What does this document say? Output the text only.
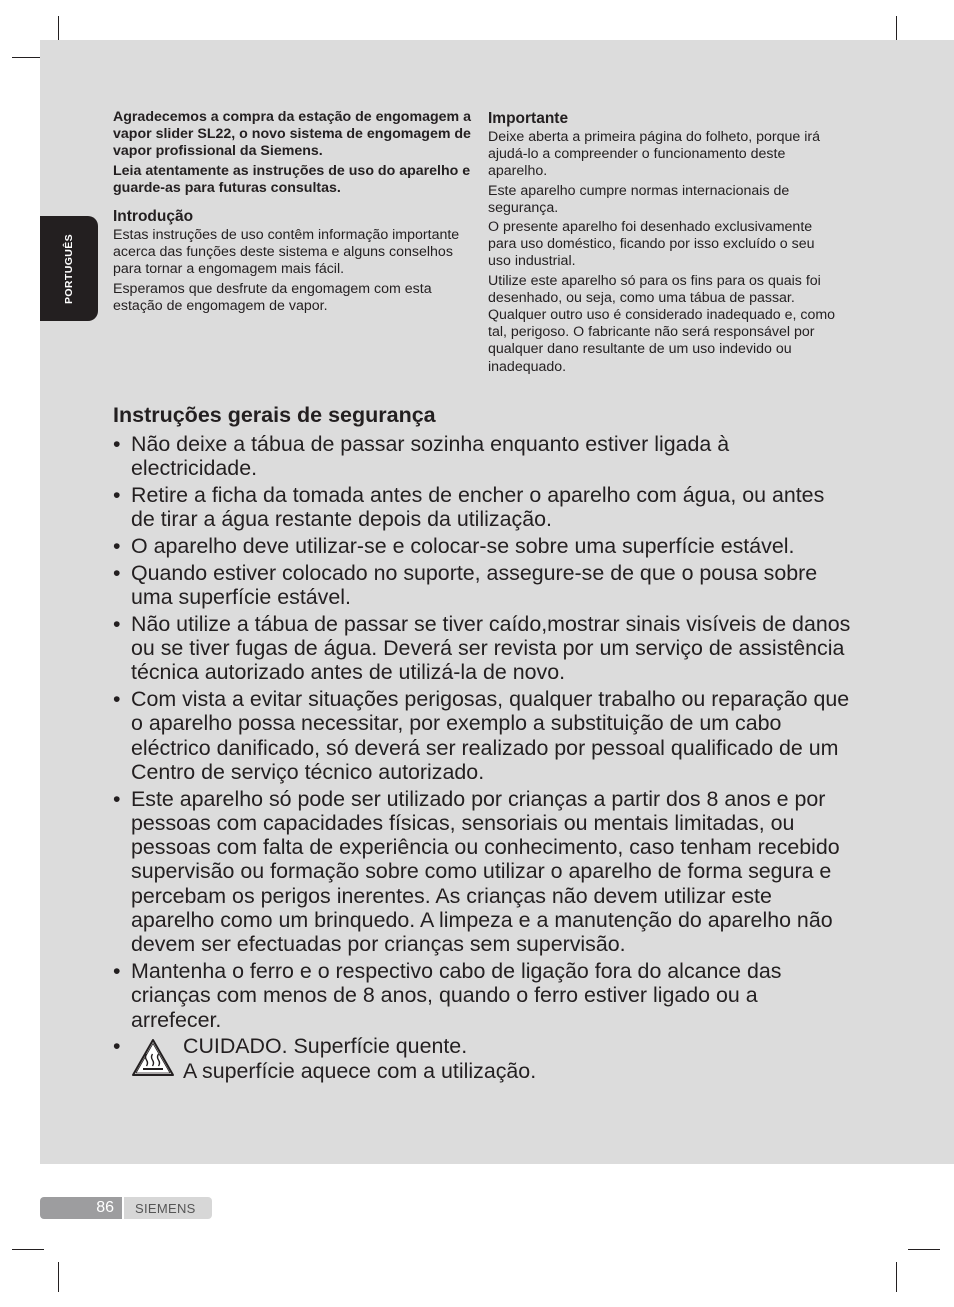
PORTUGUÊS

Agradecemos a compra da estação de engomagem a vapor slider SL22, o novo sistema de engomagem de vapor profissional da Siemens.

Leia atentamente as instruções de uso do aparelho e guarde-as para futuras consultas.

Introdução

Estas instruções de uso contêm informação importante acerca das funções deste sistema e alguns conselhos para tornar a engomagem mais fácil.

Esperamos que desfrute da engomagem com esta estação de engomagem de vapor.

Importante

Deixe aberta a primeira página do folheto, porque irá ajudá-lo a compreender o funcionamento deste aparelho.

Este aparelho cumpre normas internacionais de segurança.

O presente aparelho foi desenhado exclusivamente para uso doméstico, ficando por isso excluído o seu uso industrial.

Utilize este aparelho só para os fins para os quais foi desenhado, ou seja, como uma tábua de passar. Qualquer outro uso é considerado inadequado e, como tal, perigoso. O fabricante não será responsável por qualquer dano resultante de um uso indevido ou inadequado.

Instruções gerais de segurança
• Não deixe a tábua de passar sozinha enquanto estiver ligada à electricidade.
• Retire a ficha da tomada antes de encher o aparelho com água, ou antes de tirar a água restante depois da utilização.
• O aparelho deve utilizar-se e colocar-se sobre uma superfície estável.
• Quando estiver colocado no suporte, assegure-se de que o pousa sobre uma superfície estável.
• Não utilize a tábua de passar se tiver caído,mostrar sinais visíveis de danos ou se tiver fugas de água. Deverá ser revista por um serviço de assistência técnica autorizado antes de utilizá-la de novo.
• Com vista a evitar situações perigosas, qualquer trabalho ou reparação que o aparelho possa necessitar, por exemplo a substituição de um cabo eléctrico danificado, só deverá ser realizado por pessoal qualificado de um Centro de serviço técnico autorizado.
• Este aparelho só pode ser utilizado por crianças a partir dos 8 anos e por pessoas com capacidades físicas, sensoriais ou mentais limitadas, ou pessoas com falta de experiência ou conhecimento, caso tenham recebido supervisão ou formação sobre como utilizar o aparelho de forma segura e percebam os perigos inerentes. As crianças não devem utilizar este aparelho como um brinquedo. A limpeza e a manutenção do aparelho não devem ser efectuadas por crianças sem supervisão.
• Mantenha o ferro e o respectivo cabo de ligação fora do alcance das crianças com menos de 8 anos, quando o ferro estiver ligado ou a arrefecer.
•	CUIDADO. Superfície quente.
A superfície aquece com a utilização.
86 SIEMENS
